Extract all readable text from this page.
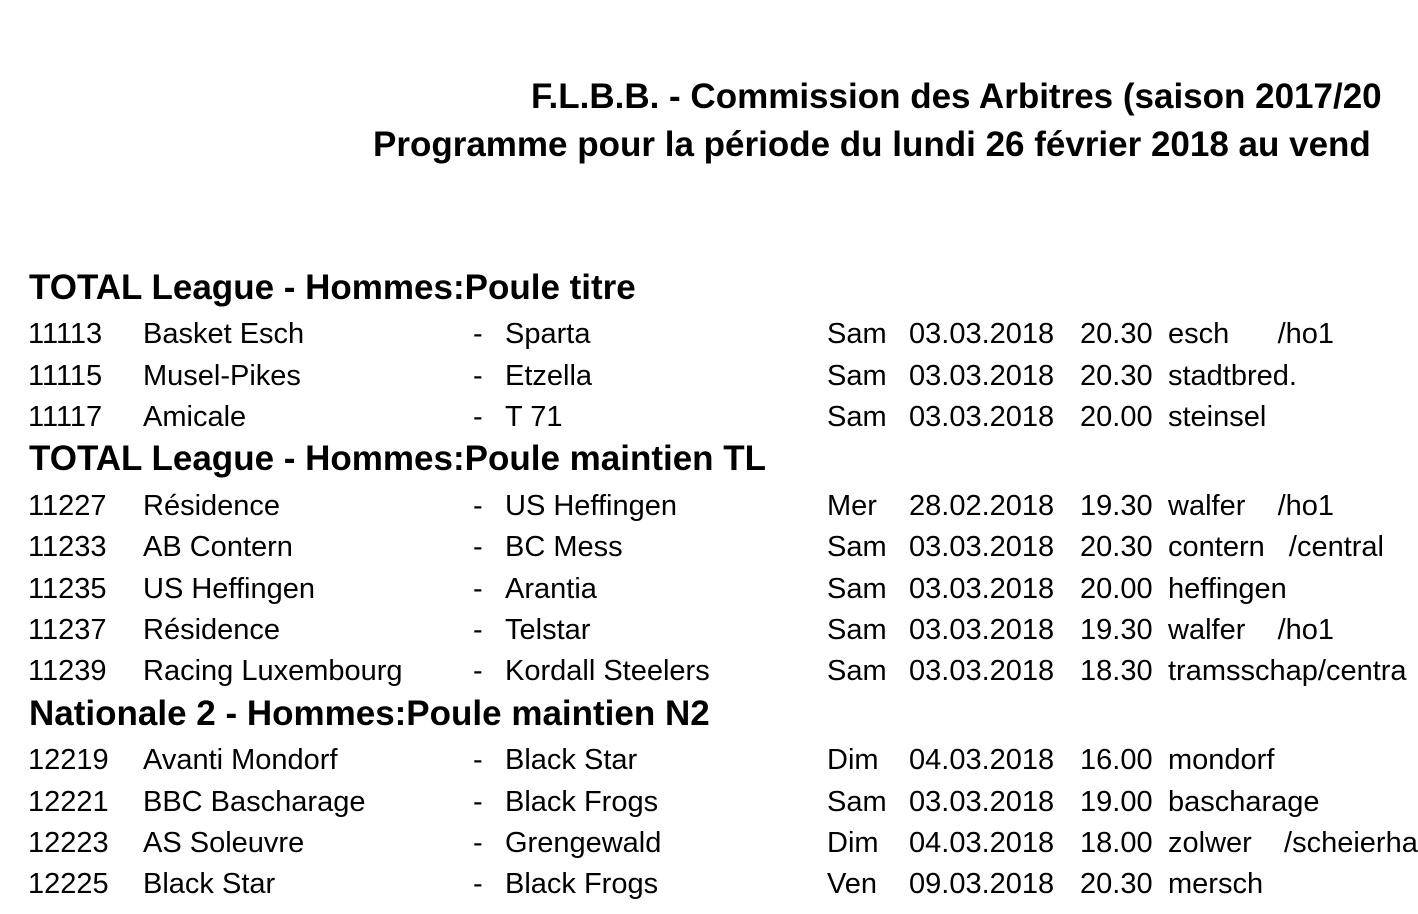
F.L.B.B. - Commission des Arbitres (saison 2017/20
Programme pour la période du lundi 26 février 2018 au vend
TOTAL League - Hommes:Poule titre
11113 Basket Esch	- Sparta	Sam 03.03.2018 20.30 esch      /ho1
11115 Musel-Pikes	- Etzella	Sam 03.03.2018 20.30 stadtbred.
11117 Amicale	- T 71	Sam 03.03.2018 20.00 steinsel
TOTAL League - Hommes:Poule maintien TL
11227 Résidence	- US Heffingen	Mer 28.02.2018 19.30 walfer    /ho1
11233 AB Contern	- BC Mess	Sam 03.03.2018 20.30 contern   /central
11235 US Heffingen	- Arantia	Sam 03.03.2018 20.00 heffingen
11237 Résidence	- Telstar	Sam 03.03.2018 19.30 walfer    /ho1
11239 Racing Luxembourg - Kordall Steelers	Sam 03.03.2018 18.30 tramsschap/centra
Nationale 2 - Hommes:Poule maintien N2
12219 Avanti Mondorf	- Black Star	Dim 04.03.2018 16.00 mondorf
12221 BBC Bascharage	- Black Frogs	Sam 03.03.2018 19.00 bascharage
12223 AS Soleuvre	- Grengewald	Dim 04.03.2018 18.00 zolwer    /scheierha
12225 Black Star	- Black Frogs	Ven 09.03.2018 20.30 mersch
